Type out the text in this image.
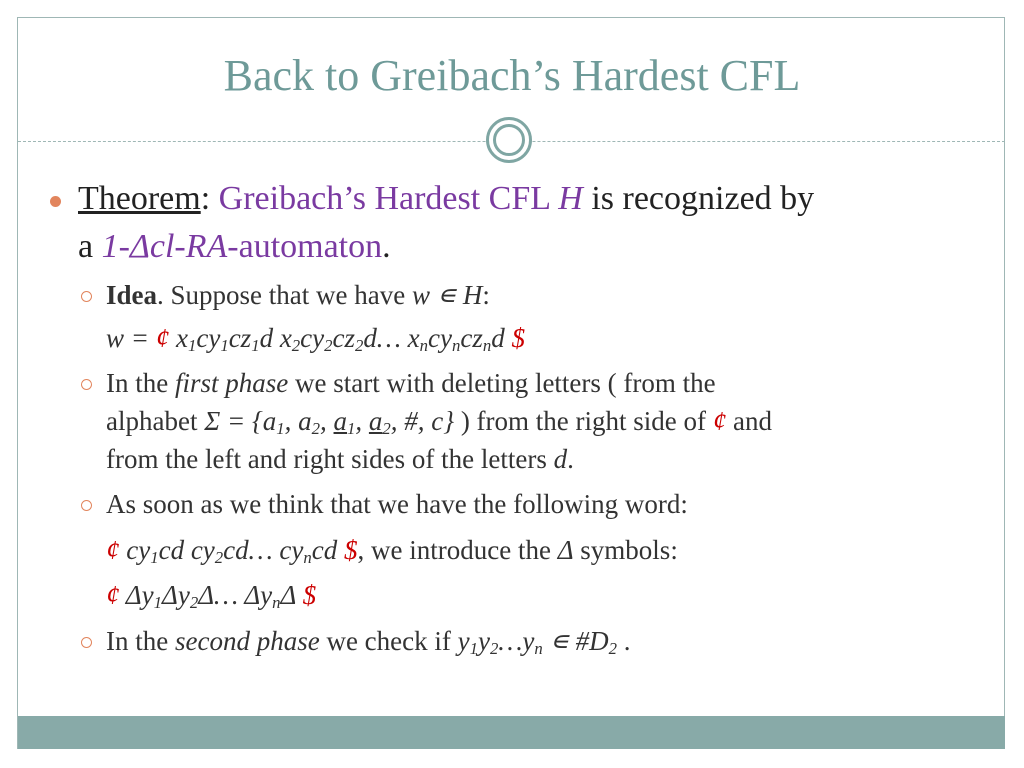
Back to Greibach’s Hardest CFL
Theorem: Greibach’s Hardest CFL H is recognized by
a 1-Δcl-RA-automaton.
Idea. Suppose that we have w ∊ H:
w = ¢ $x_1cy_1cz_1d$ $x_2cy_2cz_2d\dots$ $x_ncy_ncz_nd$ $
In the first phase we start with deleting letters ( from the
alphabet $\Sigma = \{a_1$, $a_2$, $a_1$, $a_2$, #, c} ) from the right side of ¢ and
from the left and right sides of the letters d.
As soon as we think that we have the following word:
¢ $cy_1cd$ $cy_2cd\dots$ $cy_ncd$ $, we introduce the Δ symbols:
¢ $\Delta y_1\Delta y_2\Delta\dots$ $\Delta y_n\Delta$ $
In the second phase we check if $y_1y_2\dots y_n$ ∊ $\#D_2$ .
